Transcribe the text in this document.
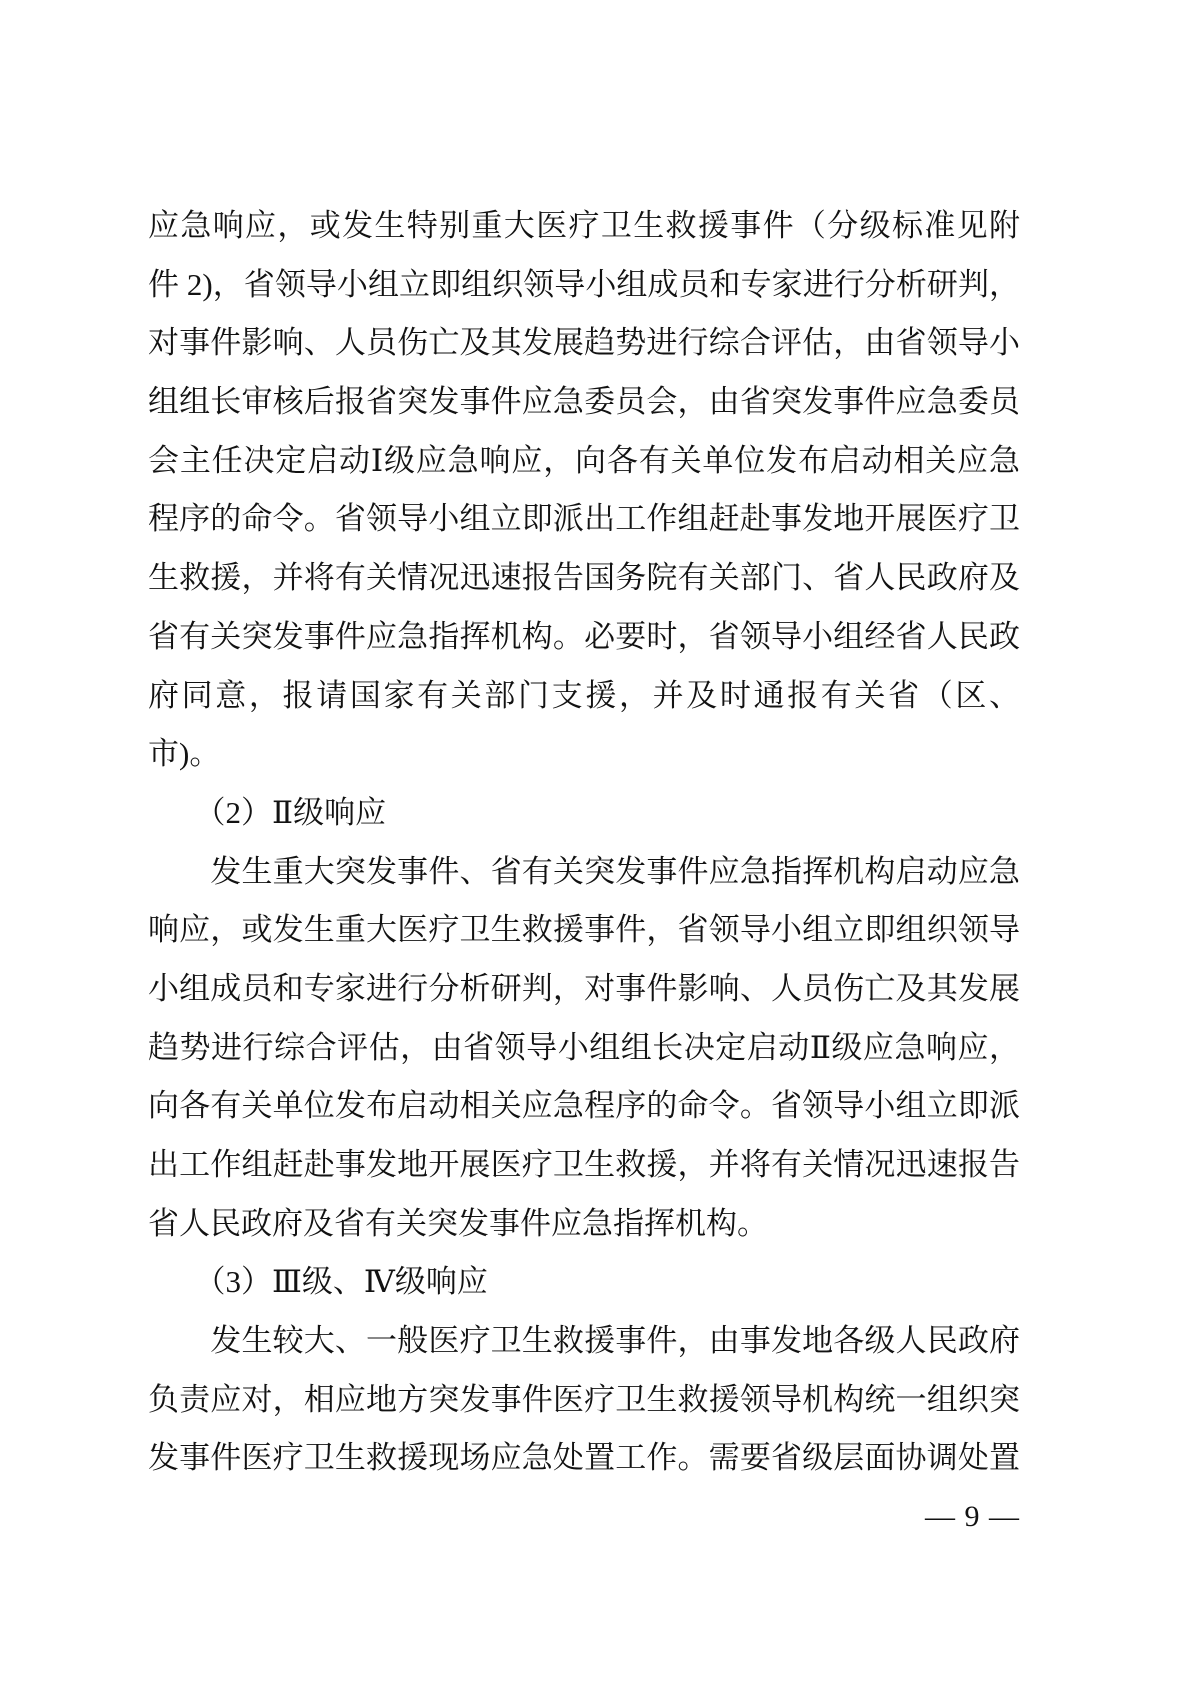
应急响应，或发生特别重大医疗卫生救援事件（分级标准见附
件 2)，省领导小组立即组织领导小组成员和专家进行分析研判，
对事件影响、人员伤亡及其发展趋势进行综合评估，由省领导小
组组长审核后报省突发事件应急委员会，由省突发事件应急委员
会主任决定启动Ⅰ级应急响应，向各有关单位发布启动相关应急
程序的命令。省领导小组立即派出工作组赶赴事发地开展医疗卫
生救援，并将有关情况迅速报告国务院有关部门、省人民政府及
省有关突发事件应急指挥机构。必要时，省领导小组经省人民政
府同意，报请国家有关部门支援，并及时通报有关省（区、
市)。
　　（2）Ⅱ级响应
　　发生重大突发事件、省有关突发事件应急指挥机构启动应急
响应，或发生重大医疗卫生救援事件，省领导小组立即组织领导
小组成员和专家进行分析研判，对事件影响、人员伤亡及其发展
趋势进行综合评估，由省领导小组组长决定启动Ⅱ级应急响应，
向各有关单位发布启动相关应急程序的命令。省领导小组立即派
出工作组赶赴事发地开展医疗卫生救援，并将有关情况迅速报告
省人民政府及省有关突发事件应急指挥机构。
　　（3）Ⅲ级、Ⅳ级响应
　　发生较大、一般医疗卫生救援事件，由事发地各级人民政府
负责应对，相应地方突发事件医疗卫生救援领导机构统一组织突
发事件医疗卫生救援现场应急处置工作。需要省级层面协调处置
— 9 —
